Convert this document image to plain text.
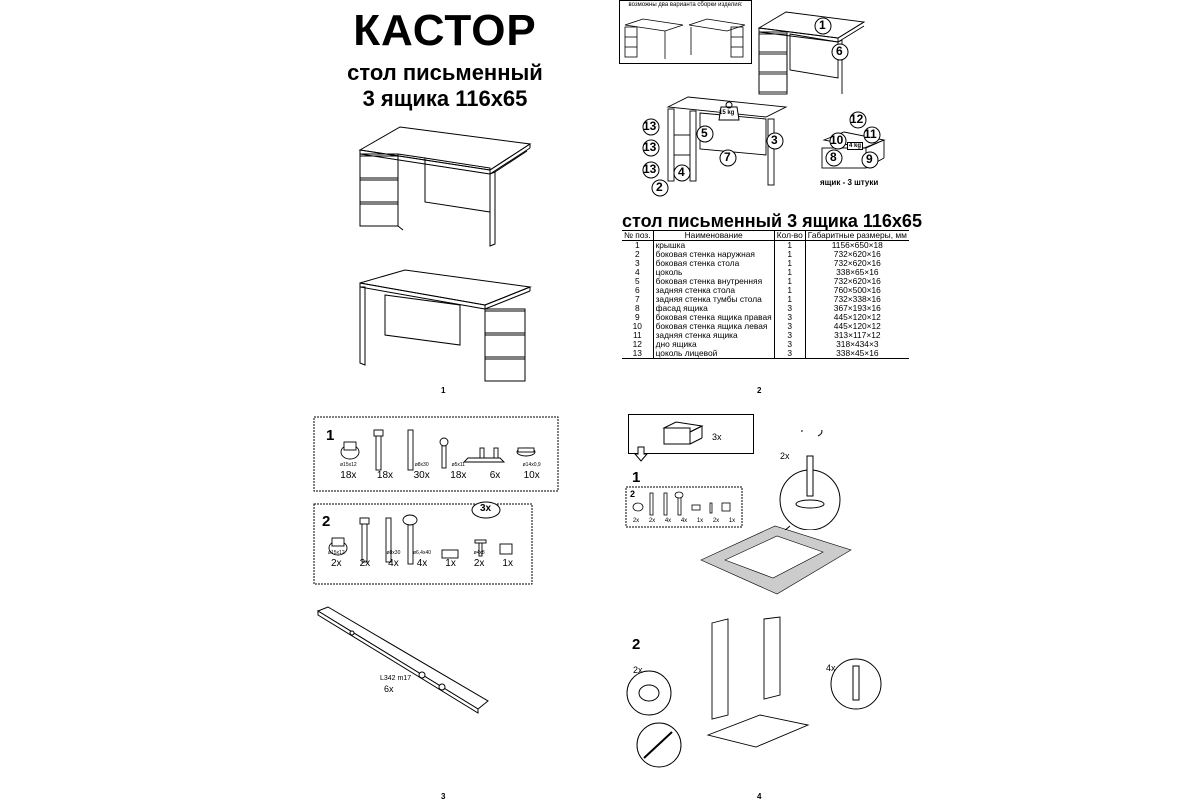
КАСТОР
стол письменный
3 ящика 116х65
1
возможны два варианта сборки изделия:
1
6
15 kg
13
13
13
2
4
5
7
3	4 kg
12
10 11
8 9
ящик - 3 штуки
стол письменный 3 ящика 116х65
№ поз.	Наименование	Кол-во	Габаритные размеры, мм
1	крышка	1	1156×650×18
2	боковая стенка наружная	1	732×620×16
3	боковая стенка стола	1	732×620×16
4	цоколь	1	338×65×16
5	боковая стенка внутренняя	1	732×620×16
6	задняя стенка стола	1	760×500×16
7	задняя стенка тумбы стола	1	732×338×16
8	фасад ящика	3	367×193×16
9	боковая стенка ящика правая	3	445×120×12
10	боковая стенка ящика левая	3	445×120×12
11	задняя стенка ящика	3	313×117×12
12	дно ящика	3	318×434×3
13	цоколь лицевой	3	338×45×16
2
1
ø15х12
18х	18х
ø8х30
30х
ø5х11
18х	6х
ø14х0,9
10х
2
3х
ø15х12
2х	2х
ø8х30
4х
ø6,4х40
4х	1х
ø4х8
2х	1х
L342 m17
6х
3
3х
1
2
2х	2х	4х	4х	1х	2х	1х
2х
2
2х	4х
4
